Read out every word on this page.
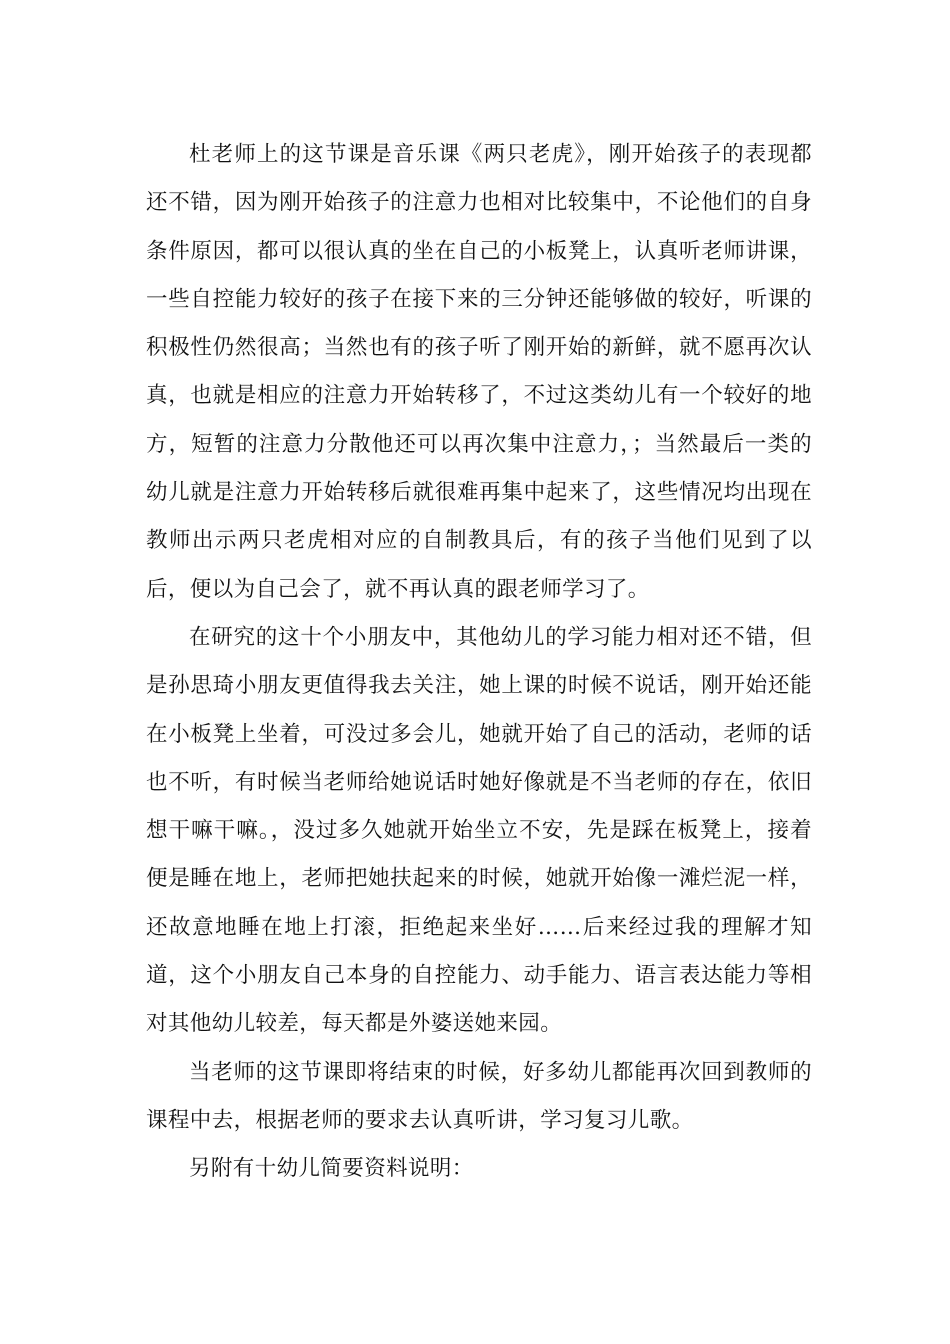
杜老师上的这节课是音乐课《两只老虎》，刚开始孩子的表现都还不错，因为刚开始孩子的注意力也相对比较集中，不论他们的自身条件原因，都可以很认真的坐在自己的小板凳上，认真听老师讲课，一些自控能力较好的孩子在接下来的三分钟还能够做的较好，听课的积极性仍然很高；当然也有的孩子听了刚开始的新鲜，就不愿再次认真，也就是相应的注意力开始转移了，不过这类幼儿有一个较好的地方，短暂的注意力分散他还可以再次集中注意力，；当然最后一类的幼儿就是注意力开始转移后就很难再集中起来了，这些情况均出现在教师出示两只老虎相对应的自制教具后，有的孩子当他们见到了以后，便以为自己会了，就不再认真的跟老师学习了。

在研究的这十个小朋友中，其他幼儿的学习能力相对还不错，但是孙思琦小朋友更值得我去关注，她上课的时候不说话，刚开始还能在小板凳上坐着，可没过多会儿，她就开始了自己的活动，老师的话也不听，有时候当老师给她说话时她好像就是不当老师的存在，依旧想干嘛干嘛。，没过多久她就开始坐立不安，先是踩在板凳上，接着便是睡在地上，老师把她扶起来的时候，她就开始像一滩烂泥一样，还故意地睡在地上打滚，拒绝起来坐好……后来经过我的理解才知道，这个小朋友自己本身的自控能力、动手能力、语言表达能力等相对其他幼儿较差，每天都是外婆送她来园。

当老师的这节课即将结束的时候，好多幼儿都能再次回到教师的课程中去，根据老师的要求去认真听讲，学习复习儿歌。

另附有十幼儿简要资料说明：
